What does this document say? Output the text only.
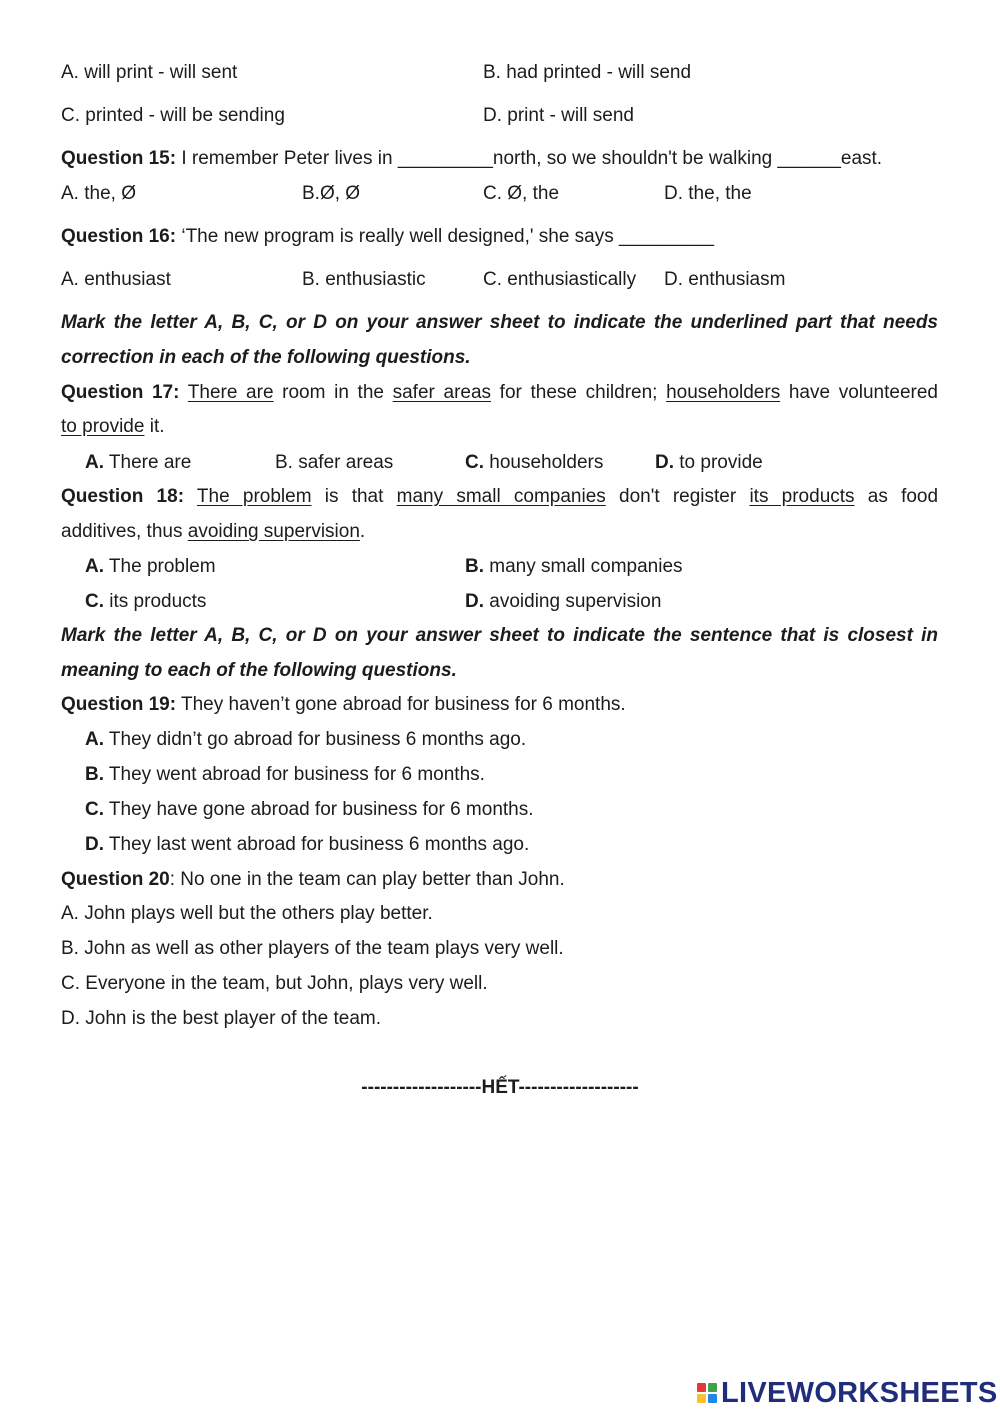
A. will print - will sent	B. had printed - will send
C. printed - will be sending	D. print - will send
Question 15: I remember Peter lives in _________north, so we shouldn't be walking ______east.
A. the, Ø	B.Ø, Ø	C. Ø, the	D. the, the
Question 16: ‘The new program is really well designed,' she says _________
A. enthusiast	B. enthusiastic	C. enthusiastically D. enthusiasm
Mark the letter A, B, C, or D on your answer sheet to indicate the underlined part that needs
correction in each of the following questions.
Question 17: There are room in the safer areas for these children; householders have volunteered
to provide it.
A. There are	B. safer areas	C. householders	D. to provide
Question 18: The problem is that many small companies don't register its products as food
additives, thus avoiding supervision.
A. The problem	B. many small companies
C. its products	D. avoiding supervision
Mark the letter A, B, C, or D on your answer sheet to indicate the sentence that is closest in
meaning to each of the following questions.
Question 19: They haven’t gone abroad for business for 6 months.
A. They didn’t go abroad for business 6 months ago.
B. They went abroad for business for 6 months.
C. They have gone abroad for business for 6 months.
D. They last went abroad for business 6 months ago.
Question 20: No one in the team can play better than John.
A. John plays well but the others play better.
B. John as well as other players of the team plays very well.
C. Everyone in the team, but John, plays very well.
D. John is the best player of the team.
-------------------HẾT-------------------
LIVEWORKSHEETS
